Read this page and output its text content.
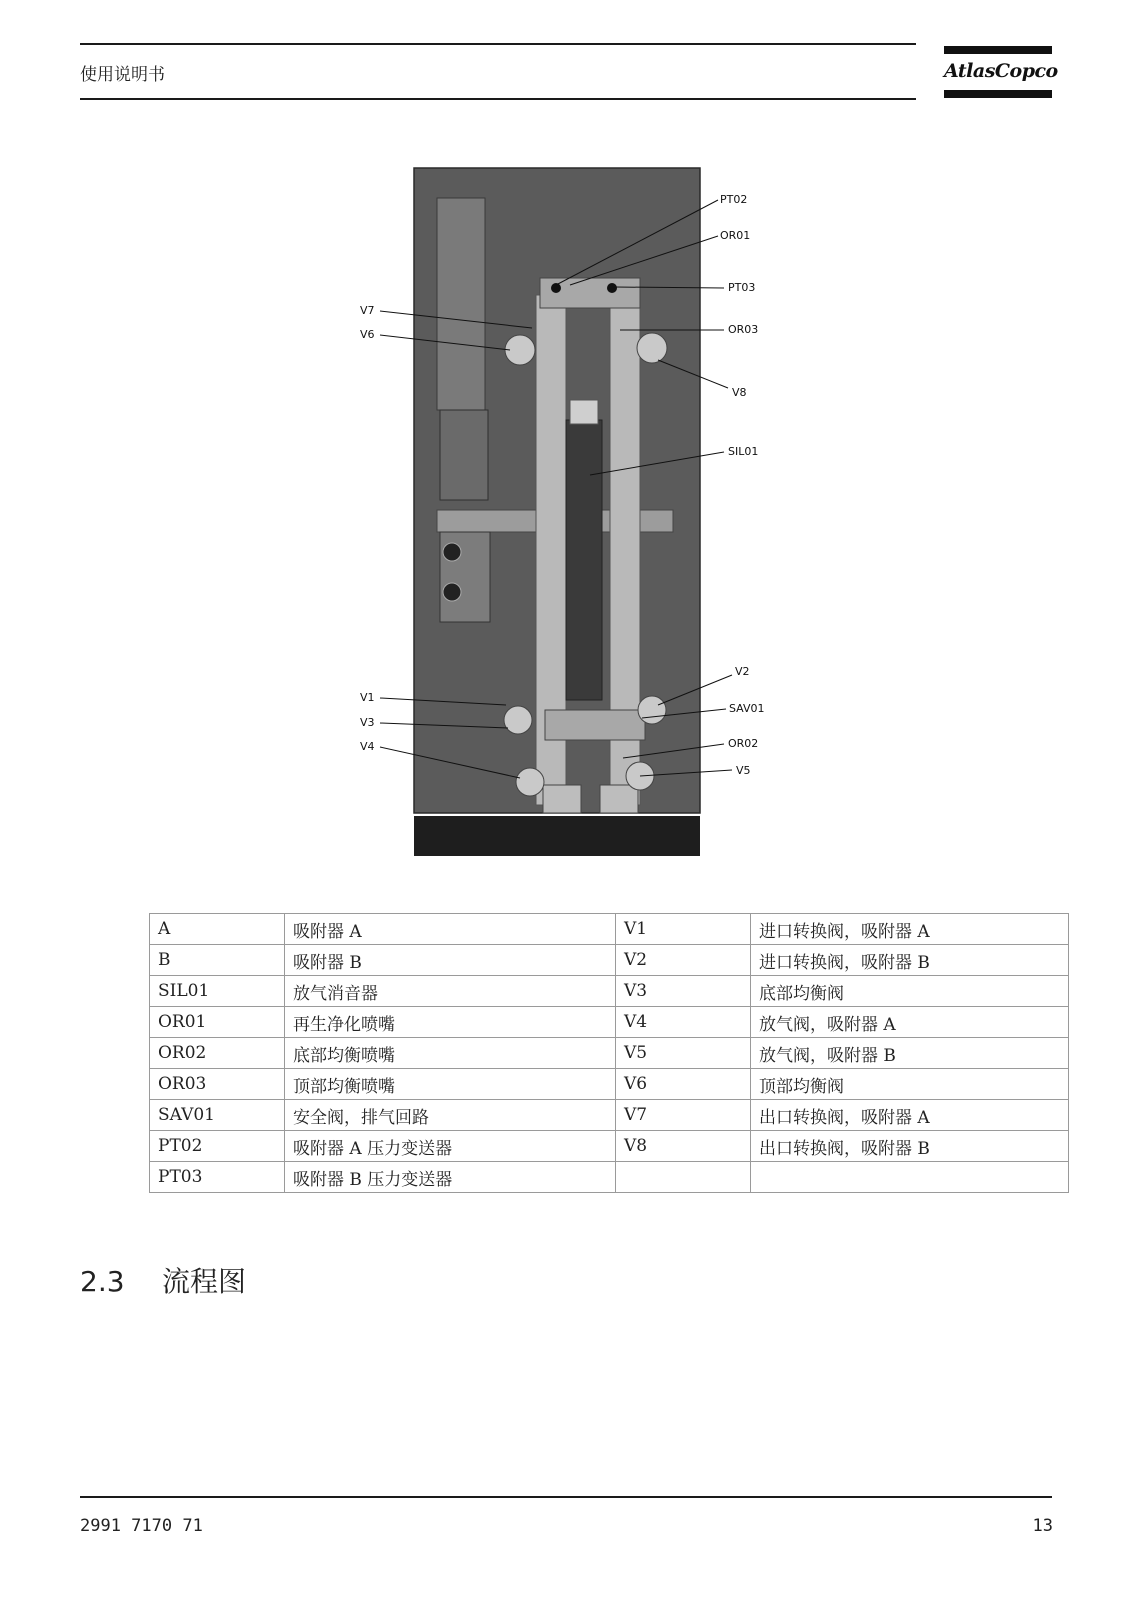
使用说明书	AtlasCopco
PT02
OR01
PT03
OR03
V8
SIL01
V2
SAV01
OR02
V5
V7
V6
V1
V3
V4
A	吸附器 A	V1	进口转换阀，吸附器 A
B	吸附器 B	V2	进口转换阀，吸附器 B
SIL01	放气消音器	V3	底部均衡阀
OR01	再生净化喷嘴	V4	放气阀，吸附器 A
OR02	底部均衡喷嘴	V5	放气阀，吸附器 B
OR03	顶部均衡喷嘴	V6	顶部均衡阀
SAV01	安全阀，排气回路	V7	出口转换阀，吸附器 A
PT02	吸附器 A 压力变送器	V8	出口转换阀，吸附器 B
PT03	吸附器 B 压力变送器		
2.3 流程图
2991 7170 71	13
